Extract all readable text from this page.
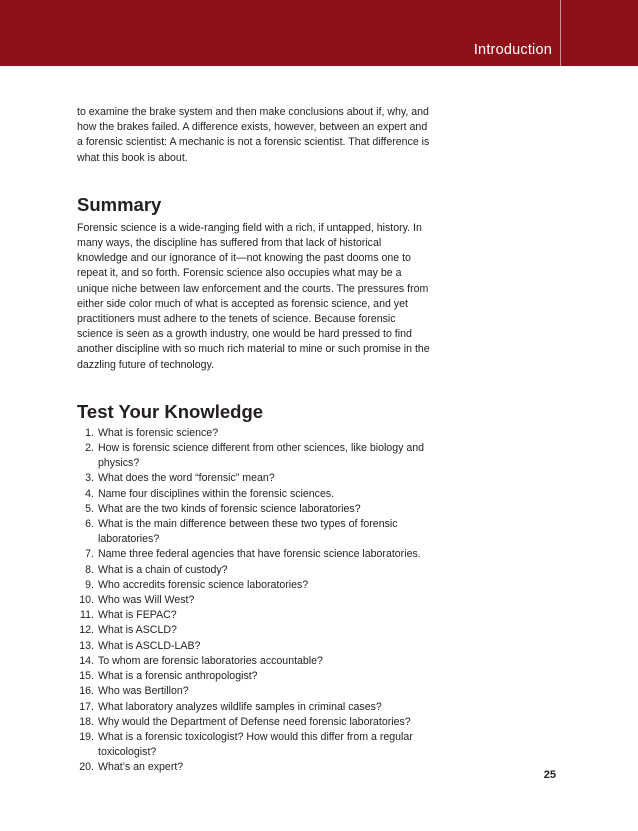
Introduction

to examine the brake system and then make conclusions about if, why, and how the brakes failed. A difference exists, however, between an expert and a forensic scientist: A mechanic is not a forensic scientist. That difference is what this book is about.

Summary

Forensic science is a wide-ranging field with a rich, if untapped, history. In many ways, the discipline has suffered from that lack of historical knowledge and our ignorance of it—not knowing the past dooms one to repeat it, and so forth. Forensic science also occupies what may be a unique niche between law enforcement and the courts. The pressures from either side color much of what is accepted as forensic science, and yet practitioners must adhere to the tenets of science. Because forensic science is seen as a growth industry, one would be hard pressed to find another discipline with so much rich material to mine or such promise in the dazzling future of technology.

Test Your Knowledge
1. What is forensic science?
2. How is forensic science different from other sciences, like biology and physics?
3. What does the word “forensic” mean?
4. Name four disciplines within the forensic sciences.
5. What are the two kinds of forensic science laboratories?
6. What is the main difference between these two types of forensic laboratories?
7. Name three federal agencies that have forensic science laboratories.
8. What is a chain of custody?
9. Who accredits forensic science laboratories?
10. Who was Will West?
11. What is FEPAC?
12. What is ASCLD?
13. What is ASCLD-LAB?
14. To whom are forensic laboratories accountable?
15. What is a forensic anthropologist?
16. Who was Bertillon?
17. What laboratory analyzes wildlife samples in criminal cases?
18. Why would the Department of Defense need forensic laboratories?
19. What is a forensic toxicologist? How would this differ from a regular toxicologist?
20. What’s an expert?
25
